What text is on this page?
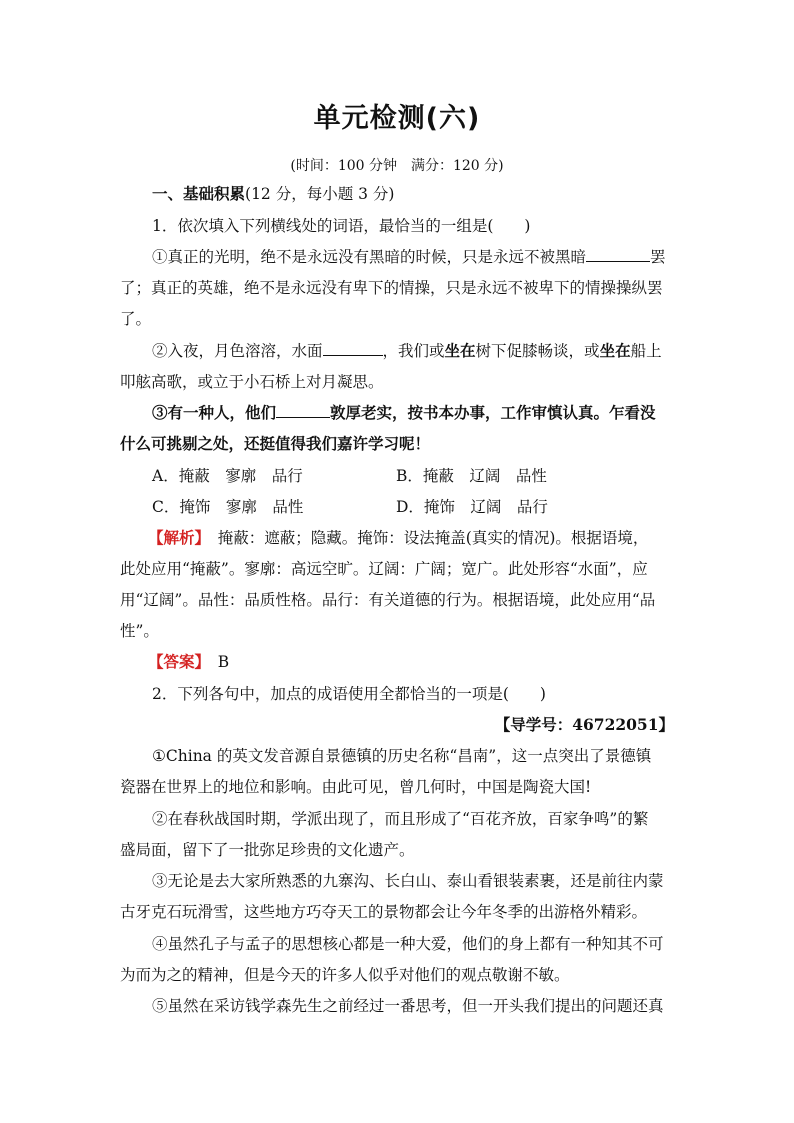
单元检测(六)
(时间：100 分钟　满分：120 分)
一、基础积累(12 分，每小题 3 分)
1．依次填入下列横线处的词语，最恰当的一组是(　　)
①真正的光明，绝不是永远没有黑暗的时候，只是永远不被黑暗	罢
了；真正的英雄，绝不是永远没有卑下的情操，只是永远不被卑下的情操操纵罢
了。
②入夜，月色溶溶，水面	，我们或坐在树下促膝畅谈，或坐在船上
叩舷高歌，或立于小石桥上对月凝思。
③有一种人，他们	敦厚老实，按书本办事，工作审慎认真。乍看没
什么可挑剔之处，还挺值得我们嘉许学习呢！
A．掩蔽　寥廓　品行	B．掩蔽　辽阔　品性
C．掩饰　寥廓　品性	D．掩饰　辽阔　品行
【解析】　 掩蔽：遮蔽；隐藏。掩饰：设法掩盖(真实的情况)。根据语境，
此处应用“掩蔽”。寥廓：高远空旷。辽阔：广阔；宽广。此处形容“水面”，应
用“辽阔”。品性：品质性格。品行：有关道德的行为。根据语境，此处应用“品
性”。
【答案】　 B
2．下列各句中，加点的成语使用全都恰当的一项是(　　)
【导学号：46722051】
①China 的英文发音源自景德镇的历史名称“昌南”，这一点突出了景德镇
瓷器在世界上的地位和影响。由此可见，曾几何时，中国是陶瓷大国!
②在春秋战国时期，学派出现了，而且形成了“百花齐放，百家争鸣”的繁
盛局面，留下了一批弥足珍贵的文化遗产。
③无论是去大家所熟悉的九寨沟、长白山、泰山看银装素裹，还是前往内蒙
古牙克石玩滑雪，这些地方巧夺天工的景物都会让今年冬季的出游格外精彩。
④虽然孔子与孟子的思想核心都是一种大爱，他们的身上都有一种知其不可
为而为之的精神，但是今天的许多人似乎对他们的观点敬谢不敏。
⑤虽然在采访钱学森先生之前经过一番思考，但一开头我们提出的问题还真
